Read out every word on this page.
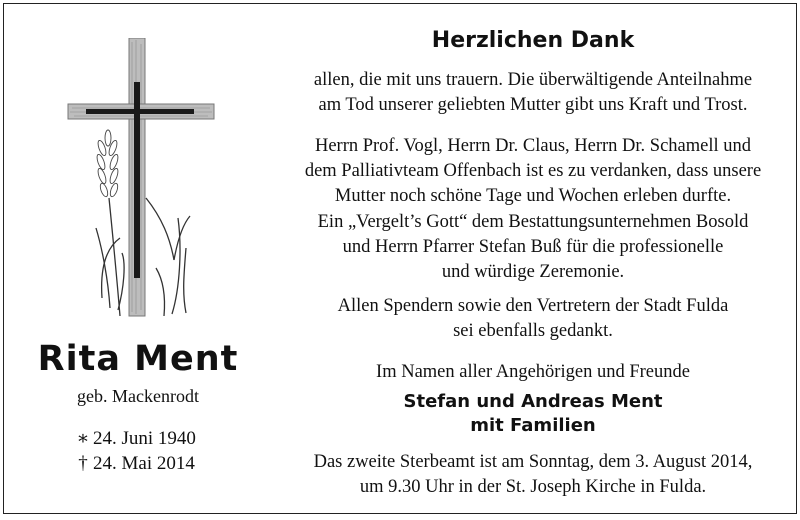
Rita Ment
geb. Mackenrodt
∗ 24. Juni 1940
† 24. Mai 2014
Herzlichen Dank
allen, die mit uns trauern. Die überwältigende Anteilnahme
am Tod unserer geliebten Mutter gibt uns Kraft und Trost.
Herrn Prof. Vogl, Herrn Dr. Claus, Herrn Dr. Schamell und
dem Palliativteam Offenbach ist es zu verdanken, dass unsere
Mutter noch schöne Tage und Wochen erleben durfte.
Ein „Vergelt’s Gott“ dem Bestattungsunternehmen Bosold
und Herrn Pfarrer Stefan Buß für die professionelle
und würdige Zeremonie.
Allen Spendern sowie den Vertretern der Stadt Fulda
sei ebenfalls gedankt.
Im Namen aller Angehörigen und Freunde
Stefan und Andreas Ment
mit Familien
Das zweite Sterbeamt ist am Sonntag, dem 3. August 2014,
um 9.30 Uhr in der St. Joseph Kirche in Fulda.
